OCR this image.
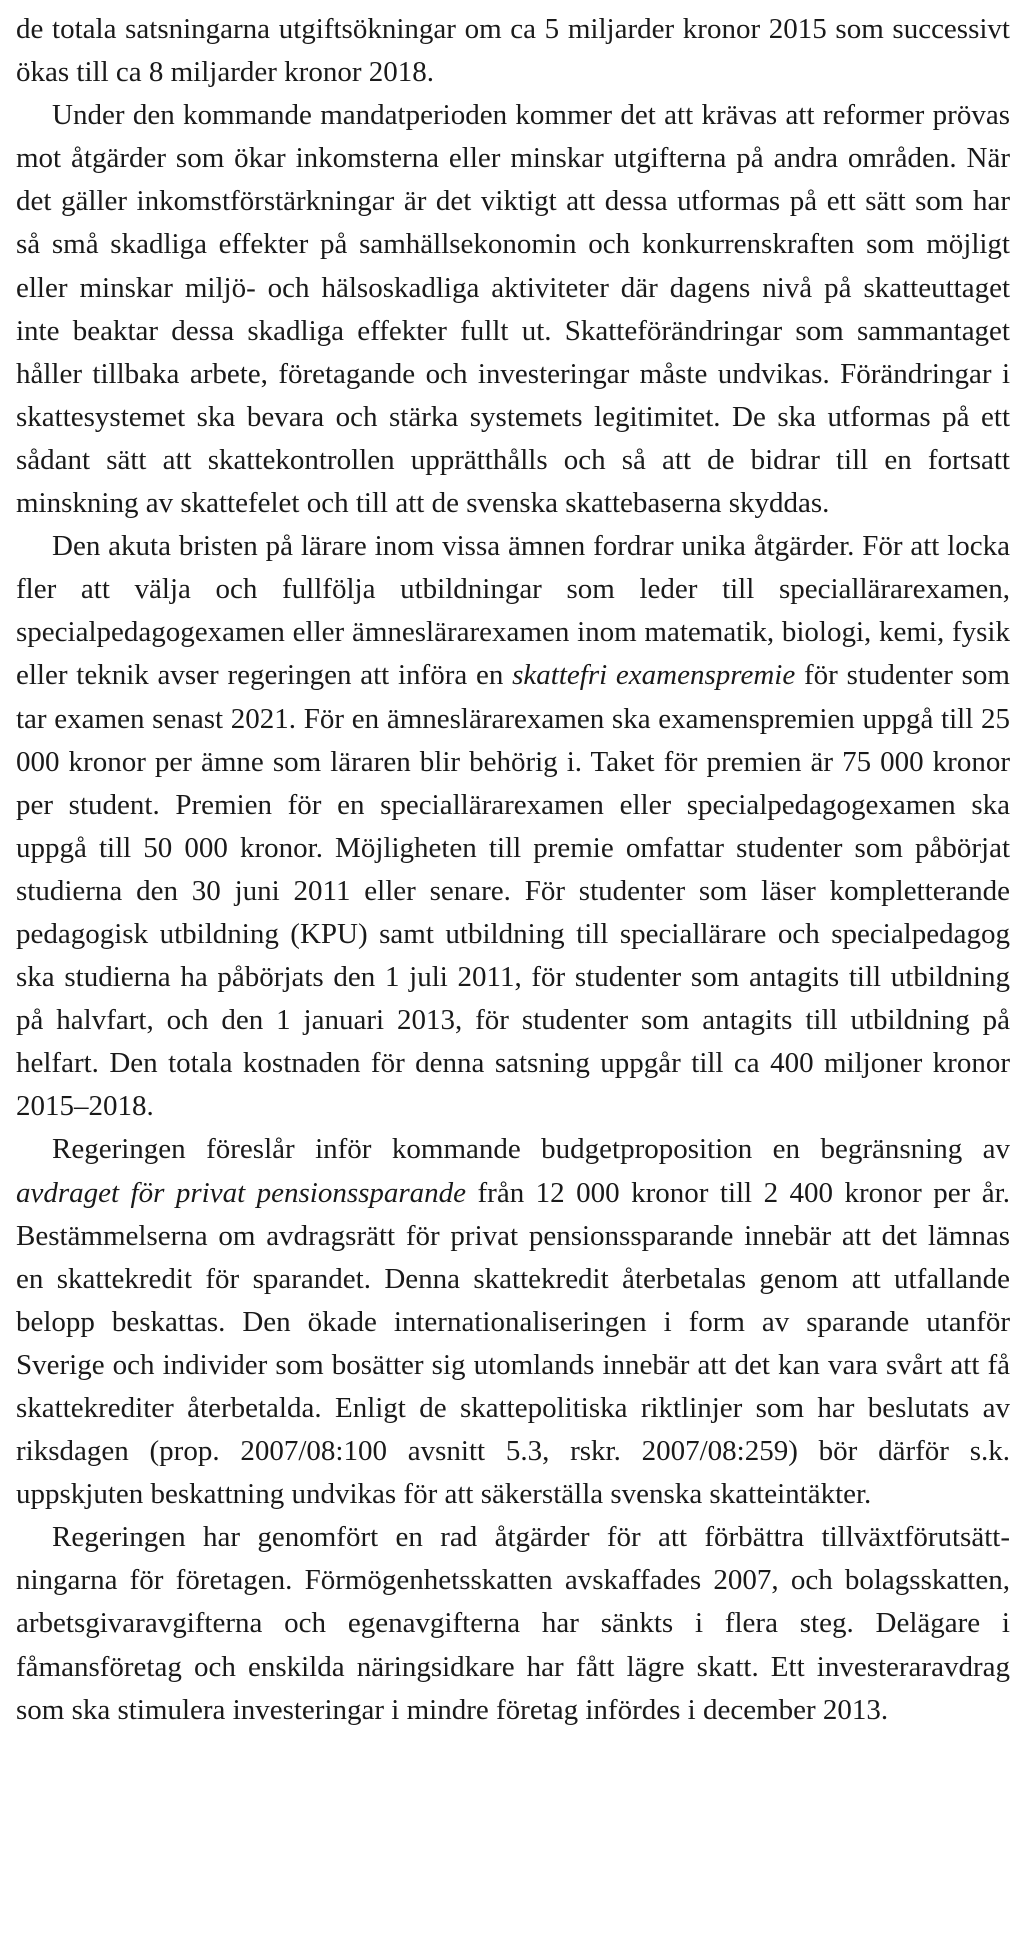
de totala satsningarna utgiftsökningar om ca 5 miljarder kronor 2015 som successivt ökas till ca 8 miljarder kronor 2018.

Under den kommande mandatperioden kommer det att krävas att reformer prövas mot åtgärder som ökar inkomsterna eller minskar utgifterna på andra områden. När det gäller inkomstförstärkningar är det viktigt att dessa utformas på ett sätt som har så små skadliga effekter på samhällsekonomin och konkurrenskraften som möjligt eller minskar miljö- och hälsoskadliga aktiviteter där dagens nivå på skatteuttaget inte beaktar dessa skadliga effekter fullt ut. Skatteförändringar som sammantaget håller tillbaka arbete, företagande och investeringar måste undvikas. Förändringar i skattesystemet ska bevara och stärka systemets legitimitet. De ska utformas på ett sådant sätt att skattekontrollen upprätthålls och så att de bidrar till en fortsatt minskning av skattefelet och till att de svenska skattebaserna skyddas.

Den akuta bristen på lärare inom vissa ämnen fordrar unika åtgärder. För att locka fler att välja och fullfölja utbildningar som leder till speciallärarexamen, specialpedagogexamen eller ämneslärarexamen inom matematik, biologi, kemi, fysik eller teknik avser regeringen att införa en skattefri examenspremie för studenter som tar examen senast 2021. För en ämneslärarexamen ska examenspremien uppgå till 25 000 kronor per ämne som läraren blir behörig i. Taket för premien är 75 000 kronor per student. Premien för en speciallärarexamen eller specialpedagogexamen ska uppgå till 50 000 kronor. Möjligheten till premie omfattar studenter som påbörjat studierna den 30 juni 2011 eller senare. För studenter som läser kompletterande pedagogisk utbildning (KPU) samt utbildning till speciallärare och specialpedagog ska studierna ha påbörjats den 1 juli 2011, för studenter som antagits till utbildning på halvfart, och den 1 januari 2013, för studenter som antagits till utbildning på helfart. Den totala kostnaden för denna satsning uppgår till ca 400 miljoner kronor 2015–2018.

Regeringen föreslår inför kommande budgetproposition en begränsning av avdraget för privat pensionssparande från 12 000 kronor till 2 400 kronor per år. Bestämmelserna om avdragsrätt för privat pensionssparande innebär att det lämnas en skattekredit för sparandet. Denna skattekredit återbetalas genom att utfallande belopp beskattas. Den ökade internationaliseringen i form av sparande utanför Sverige och individer som bosätter sig utomlands innebär att det kan vara svårt att få skattekrediter återbetalda. Enligt de skattepolitiska riktlinjer som har beslutats av riksdagen (prop. 2007/08:100 avsnitt 5.3, rskr. 2007/08:259) bör därför s.k. uppskjuten beskattning undvikas för att säkerställa svenska skatteintäkter.

Regeringen har genomfört en rad åtgärder för att förbättra tillväxtförutsättningarna för företagen. Förmögenhetsskatten avskaffades 2007, och bolagsskatten, arbetsgivaravgifterna och egenavgifterna har sänkts i flera steg. Delägare i fåmansföretag och enskilda näringsidkare har fått lägre skatt. Ett investeraravdrag som ska stimulera investeringar i mindre företag infördes i december 2013.
